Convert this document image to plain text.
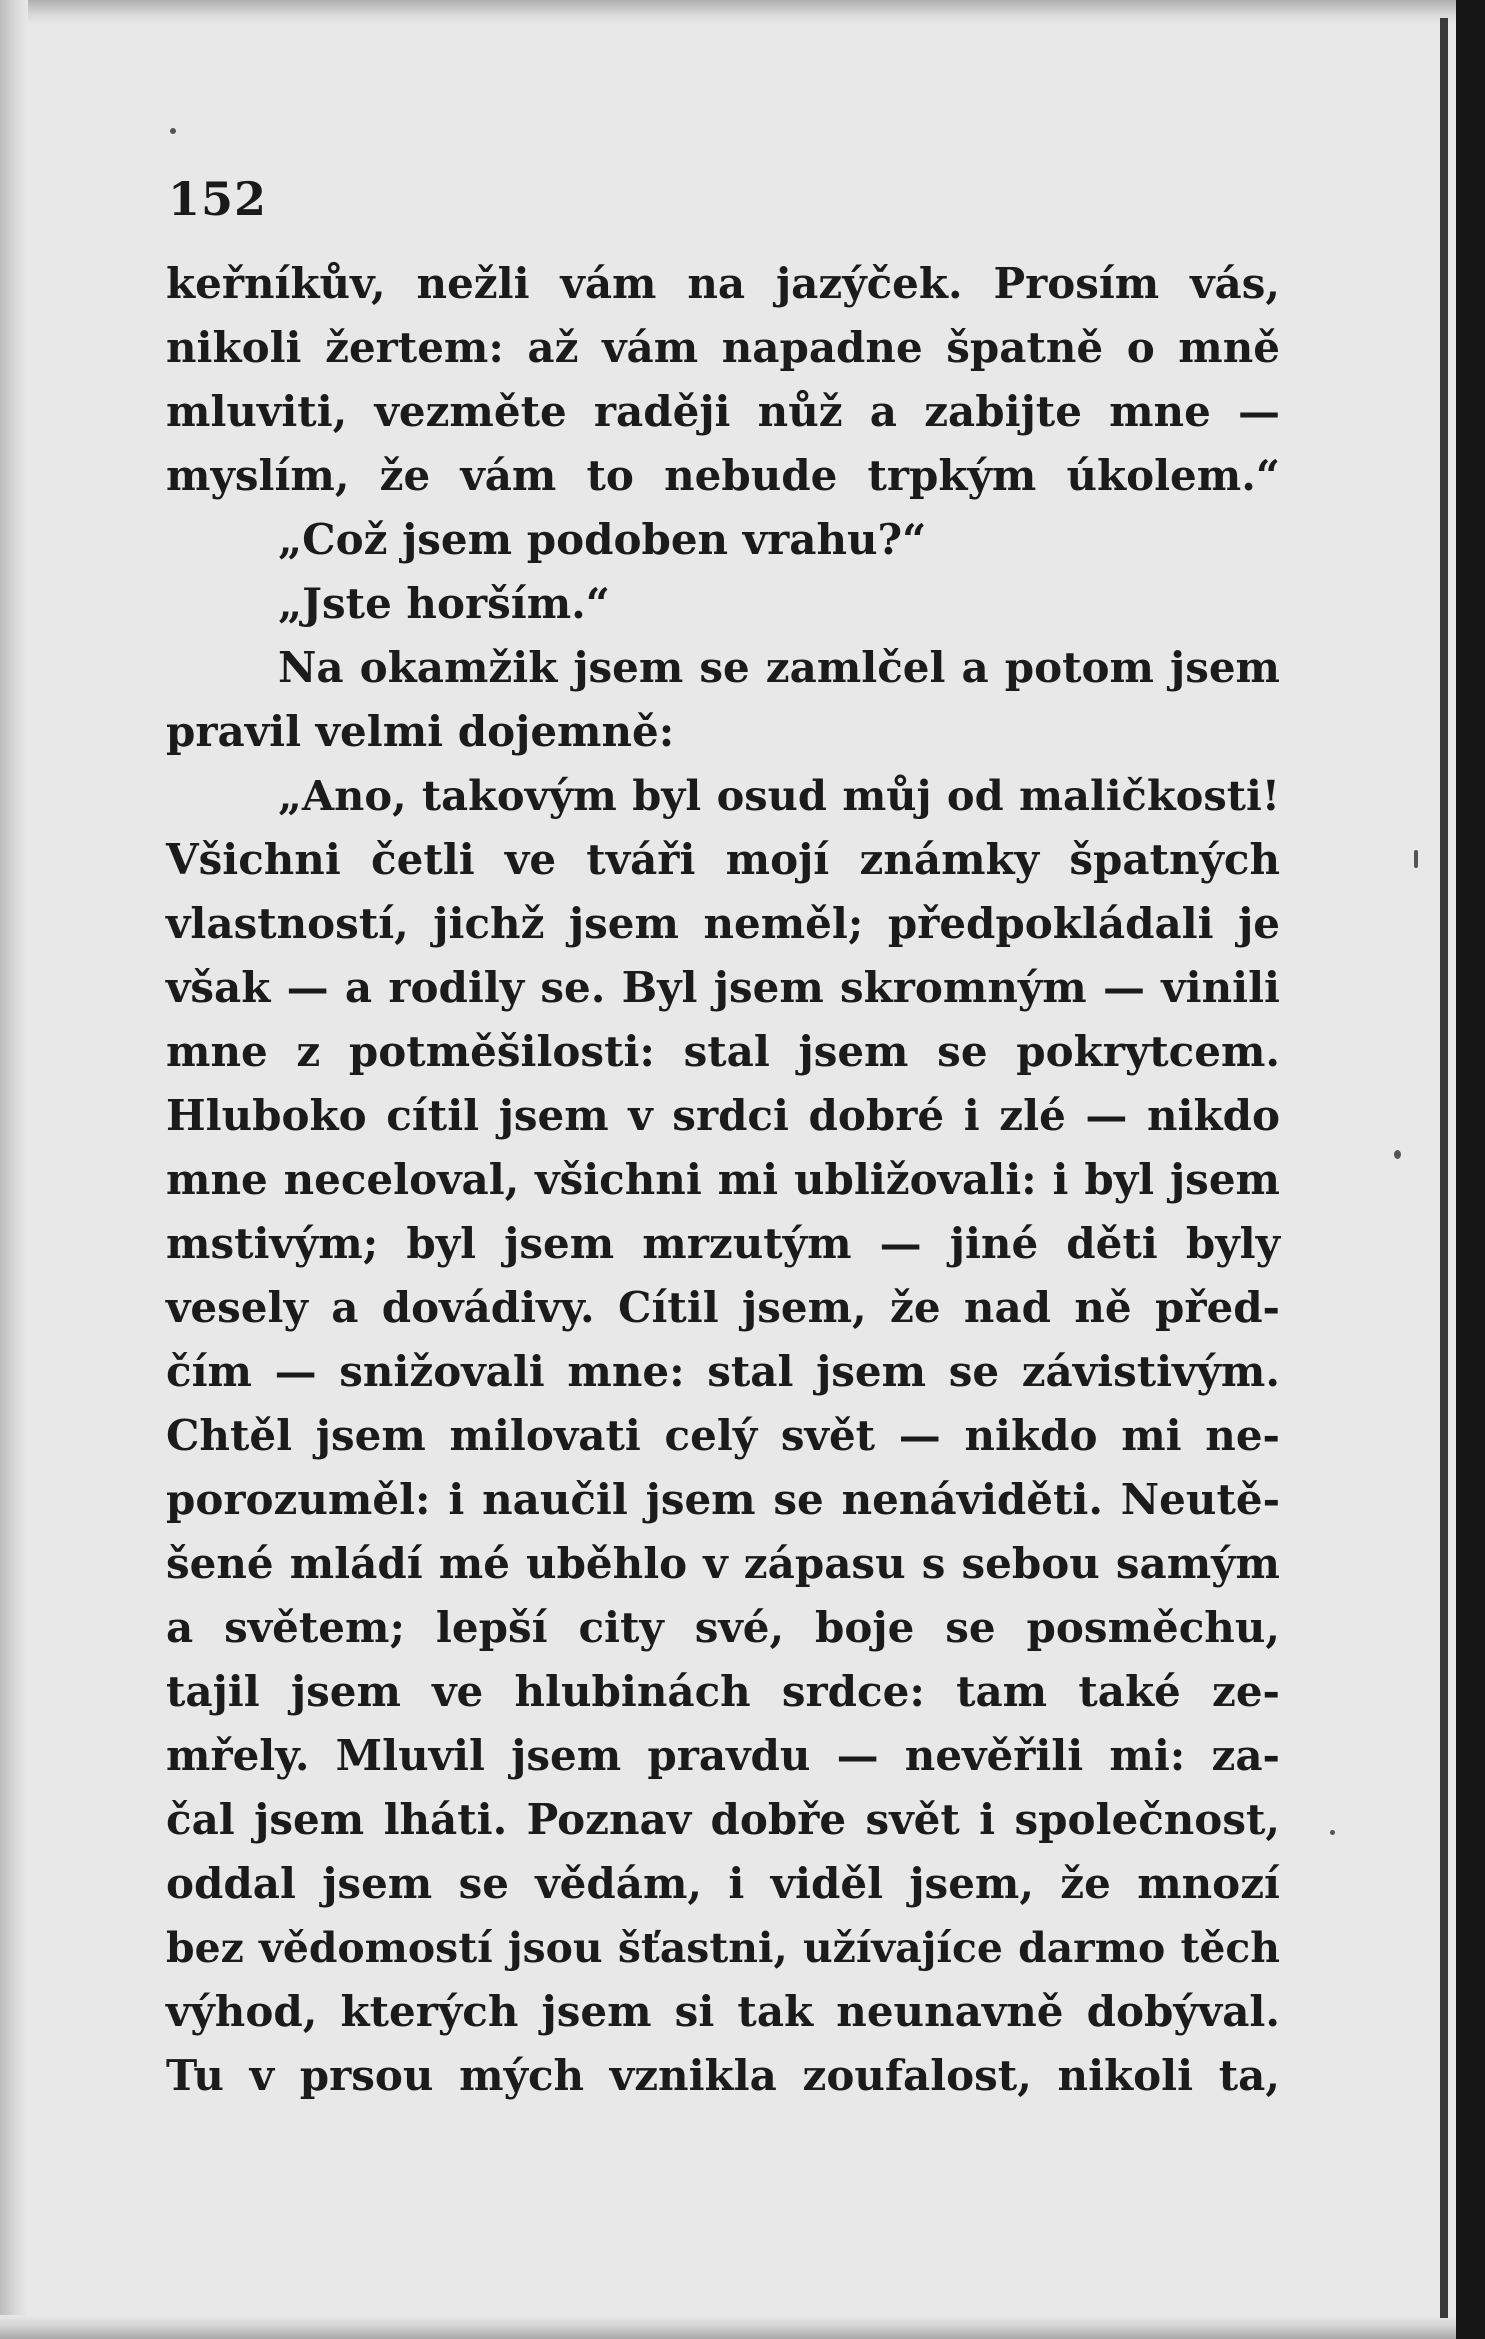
152
keřníkův, nežli vám na jazýček. Prosím vás,
nikoli žertem: až vám napadne špatně o mně
mluviti, vezměte raději nůž a zabijte mne —
myslím, že vám to nebude trpkým úkolem.“
„Což jsem podoben vrahu?“
„Jste horším.“
Na okamžik jsem se zamlčel a potom jsem
pravil velmi dojemně:
„Ano, takovým byl osud můj od maličkosti!
Všichni četli ve tváři mojí známky špatných
vlastností, jichž jsem neměl; předpokládali je
však — a rodily se. Byl jsem skromným — vinili
mne z potměšilosti: stal jsem se pokrytcem.
Hluboko cítil jsem v srdci dobré i zlé — nikdo
mne neceloval, všichni mi ubližovali: i byl jsem
mstivým; byl jsem mrzutým — jiné děti byly
vesely a dovádivy. Cítil jsem, že nad ně před-
čím — snižovali mne: stal jsem se závistivým.
Chtěl jsem milovati celý svět — nikdo mi ne-
porozuměl: i naučil jsem se nenáviděti. Neutě-
šené mládí mé uběhlo v zápasu s sebou samým
a světem; lepší city své, boje se posměchu,
tajil jsem ve hlubinách srdce: tam také ze-
mřely. Mluvil jsem pravdu — nevěřili mi: za-
čal jsem lháti. Poznav dobře svět i společnost,
oddal jsem se vědám, i viděl jsem, že mnozí
bez vědomostí jsou šťastni, užívajíce darmo těch
výhod, kterých jsem si tak neunavně dobýval.
Tu v prsou mých vznikla zoufalost, nikoli ta,
